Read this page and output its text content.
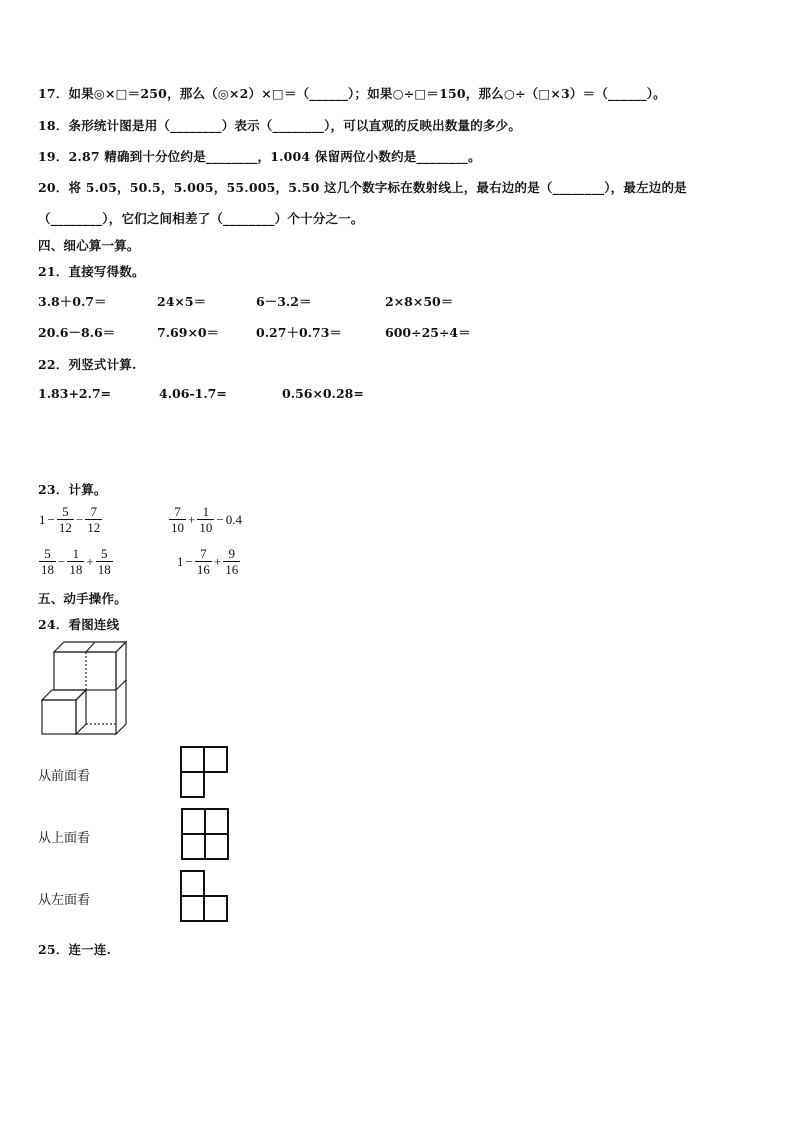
17．如果◎×□＝250，那么（◎×2）×□＝（______）；如果○÷□＝150，那么○÷（□×3）＝（______）。
18．条形统计图是用（________）表示（________），可以直观的反映出数量的多少。
19．2.87 精确到十分位约是________，1.004 保留两位小数约是________。
20．将 5.05，50.5，5.005，55.005，5.50 这几个数字标在数射线上，最右边的是（________），最左边的是
（________），它们之间相差了（________）个十分之一。
四、细心算一算。
21．直接写得数。
3.8＋0.7＝	24×5＝	6－3.2＝	2×8×50＝
20.6－8.6＝	7.69×0＝	0.27＋0.73＝	600÷25÷4＝
22．列竖式计算.
1.83+2.7=	4.06-1.7=	0.56×0.28=
23．计算。
$1 - \frac{5}{12} - \frac{7}{12}$	$\frac{7}{10} + \frac{1}{10} - 0.4$
$\frac{5}{18} - \frac{1}{18} + \frac{5}{18}$	$1 - \frac{7}{16} + \frac{9}{16}$
五、动手操作。
24．看图连线
从前面看
从上面看
从左面看
25．连一连.
